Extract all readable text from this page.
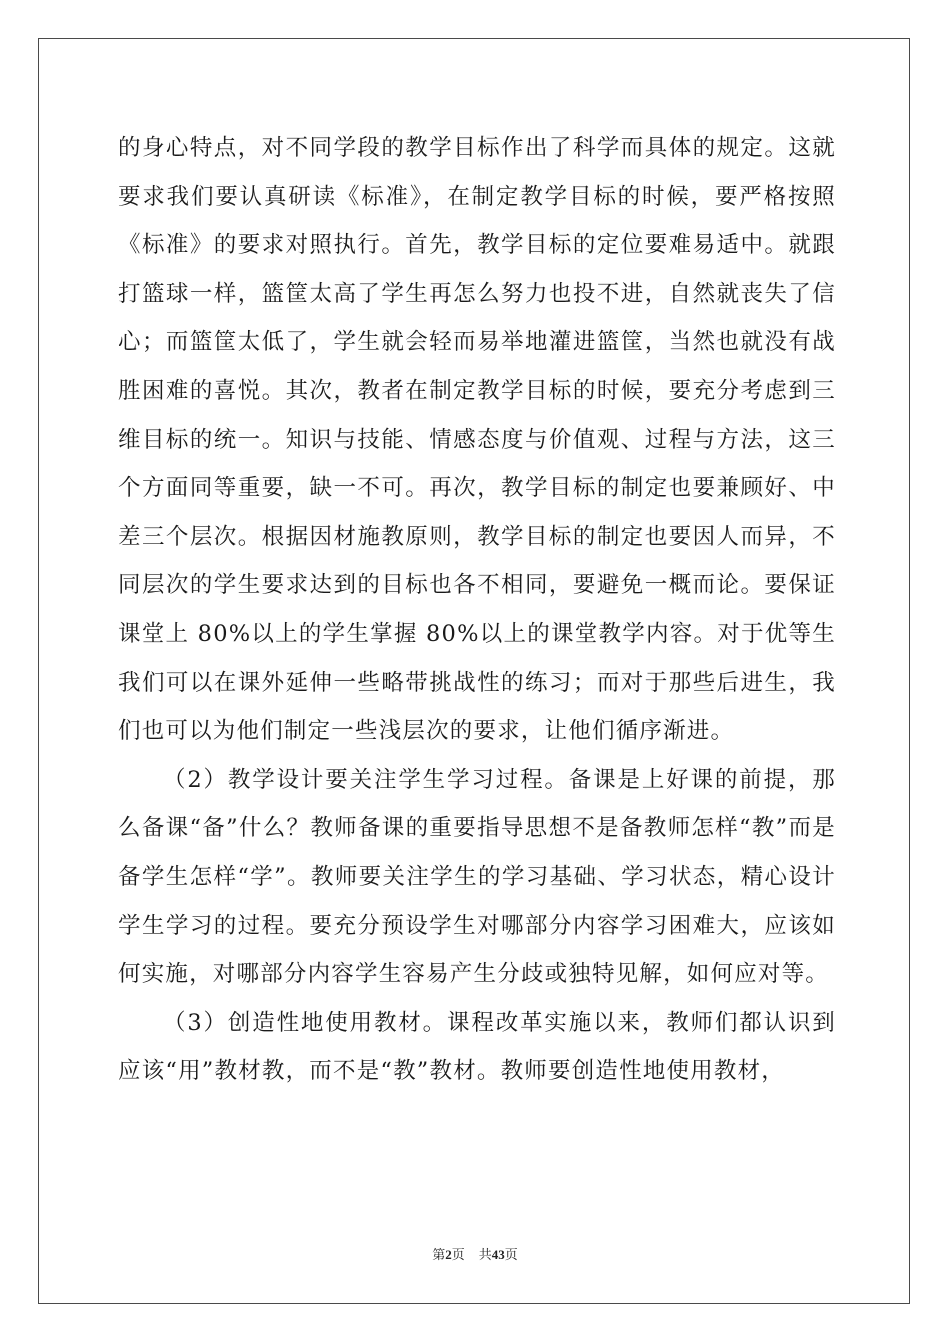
的身心特点，对不同学段的教学目标作出了科学而具体的规定。这就要求我们要认真研读《标准》，在制定教学目标的时候，要严格按照《标准》的要求对照执行。首先，教学目标的定位要难易适中。就跟打篮球一样，篮筐太高了学生再怎么努力也投不进，自然就丧失了信心；而篮筐太低了，学生就会轻而易举地灌进篮筐，当然也就没有战胜困难的喜悦。其次，教者在制定教学目标的时候，要充分考虑到三维目标的统一。知识与技能、情感态度与价值观、过程与方法，这三个方面同等重要，缺一不可。再次，教学目标的制定也要兼顾好、中差三个层次。根据因材施教原则，教学目标的制定也要因人而异，不同层次的学生要求达到的目标也各不相同，要避免一概而论。要保证课堂上 80%以上的学生掌握 80%以上的课堂教学内容。对于优等生我们可以在课外延伸一些略带挑战性的练习；而对于那些后进生，我们也可以为他们制定一些浅层次的要求，让他们循序渐进。

（2）教学设计要关注学生学习过程。备课是上好课的前提，那么备课“备”什么？教师备课的重要指导思想不是备教师怎样“教”而是备学生怎样“学”。教师要关注学生的学习基础、学习状态，精心设计学生学习的过程。要充分预设学生对哪部分内容学习困难大，应该如何实施，对哪部分内容学生容易产生分歧或独特见解，如何应对等。

（3）创造性地使用教材。课程改革实施以来，教师们都认识到应该“用”教材教，而不是“教”教材。教师要创造性地使用教材，

第2页 共43页
